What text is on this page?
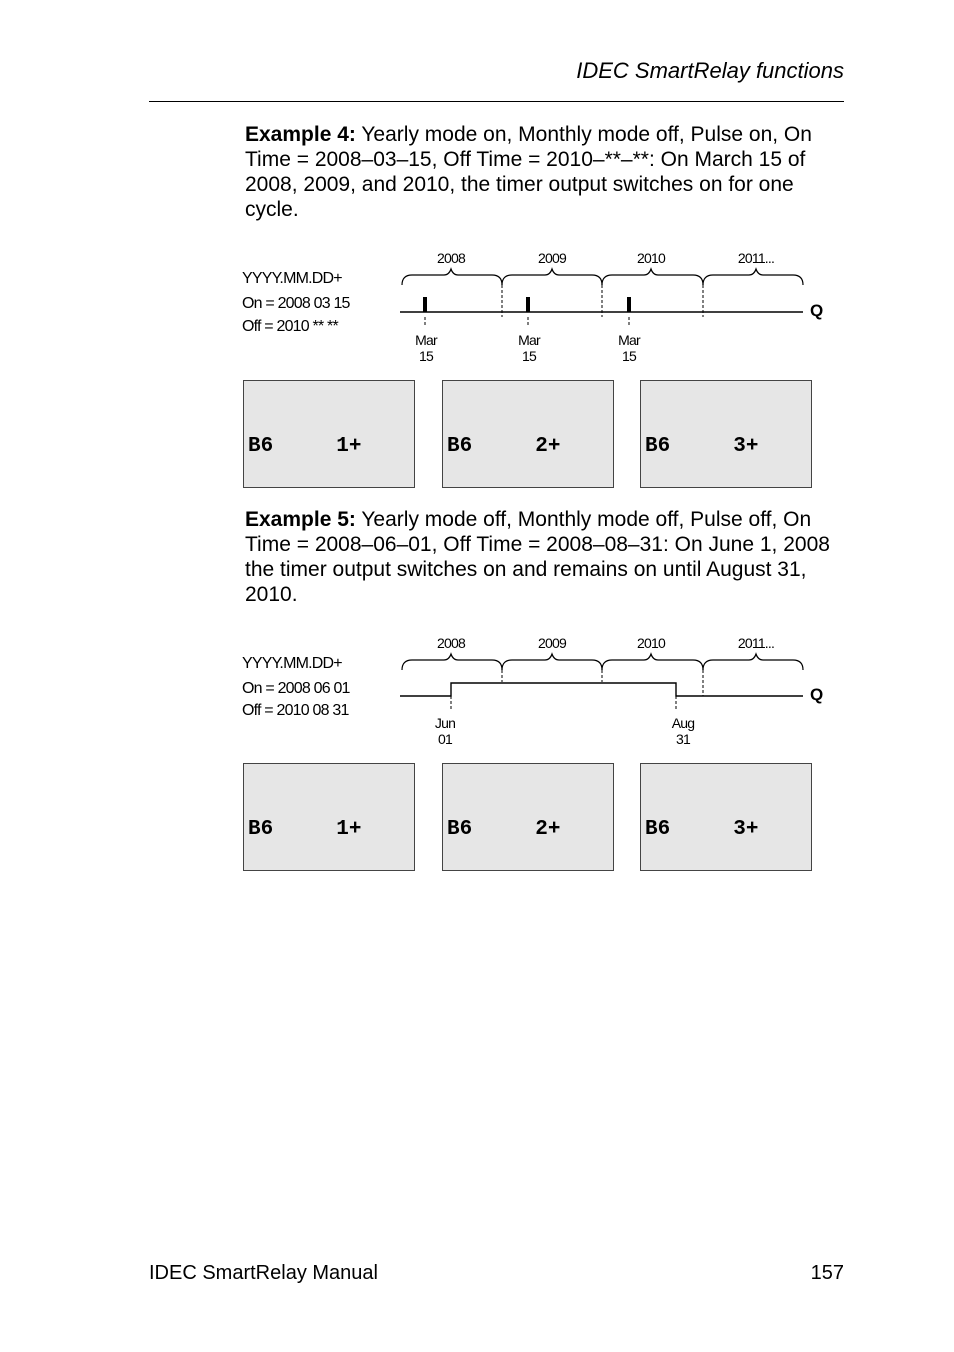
IDEC SmartRelay functions
Example 4: Yearly mode on, Monthly mode off, Pulse on, On Time = 2008–03–15, Off Time = 2010–**–**: On March 15 of 2008, 2009, and 2010, the timer output switches on for one cycle.
YYYY.MM.DD+
On = 2008 03 15
Off = 2010 ** **
2008	2009	2010	2011...
Q
Mar
15
Mar
15
Mar
15

B6     1+

	B6     2+

	B6     3+

Example 5: Yearly mode off, Monthly mode off, Pulse off, On Time = 2008–06–01, Off Time = 2008–08–31: On June 1, 2008 the timer output switches on and remains on until August 31, 2010.
YYYY.MM.DD+
On = 2008 06 01
Off = 2010 08 31
2008	2009	2010	2011...
Q
Jun
01
Aug
31

B6     1+

	B6     2+

	B6     3+

IDEC SmartRelay Manual	157
